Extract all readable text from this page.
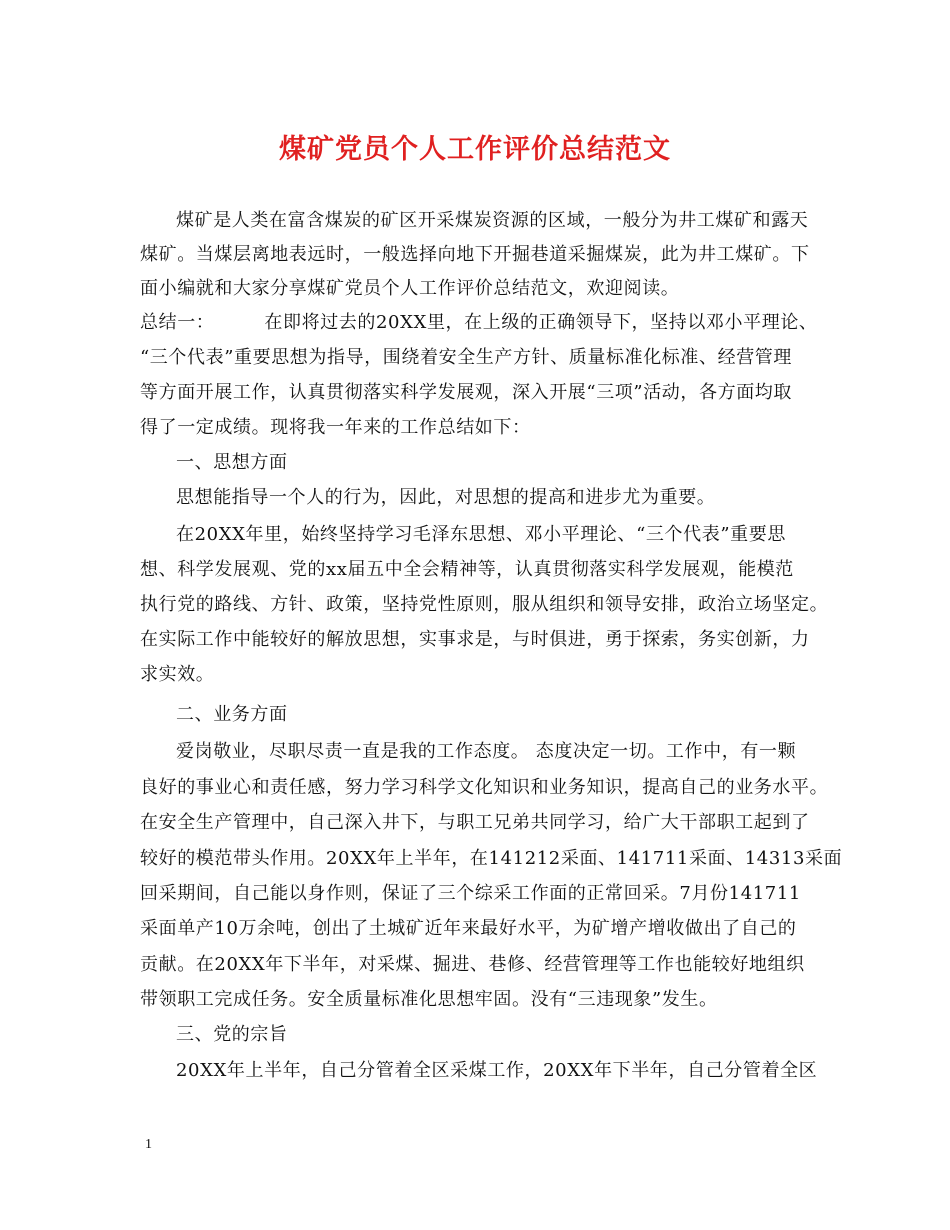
煤矿党员个人工作评价总结范文
煤矿是人类在富含煤炭的矿区开采煤炭资源的区域，一般分为井工煤矿和露天
煤矿。当煤层离地表远时，一般选择向地下开掘巷道采掘煤炭，此为井工煤矿。下
面小编就和大家分享煤矿党员个人工作评价总结范文，欢迎阅读。
总结一：	在即将过去的20XX里，在上级的正确领导下，坚持以邓小平理论、
“三个代表”重要思想为指导，围绕着安全生产方针、质量标准化标准、经营管理
等方面开展工作，认真贯彻落实科学发展观，深入开展“三项”活动，各方面均取
得了一定成绩。现将我一年来的工作总结如下：
一、思想方面
思想能指导一个人的行为，因此，对思想的提高和进步尤为重要。
在20XX年里，始终坚持学习毛泽东思想、邓小平理论、“三个代表”重要思
想、科学发展观、党的xx届五中全会精神等，认真贯彻落实科学发展观，能模范
执行党的路线、方针、政策，坚持党性原则，服从组织和领导安排，政治立场坚定。
在实际工作中能较好的解放思想，实事求是，与时俱进，勇于探索，务实创新，力
求实效。
二、业务方面
爱岗敬业，尽职尽责一直是我的工作态度。 态度决定一切。工作中，有一颗
良好的事业心和责任感，努力学习科学文化知识和业务知识，提高自己的业务水平。
在安全生产管理中，自己深入井下，与职工兄弟共同学习，给广大干部职工起到了
较好的模范带头作用。20XX年上半年，在141212采面、141711采面、14313采面
回采期间，自己能以身作则，保证了三个综采工作面的正常回采。7月份141711
采面单产10万余吨，创出了土城矿近年来最好水平，为矿增产增收做出了自己的
贡献。在20XX年下半年，对采煤、掘进、巷修、经营管理等工作也能较好地组织
带领职工完成任务。安全质量标准化思想牢固。没有“三违现象”发生。
三、党的宗旨
20XX年上半年，自己分管着全区采煤工作，20XX年下半年，自己分管着全区
1
